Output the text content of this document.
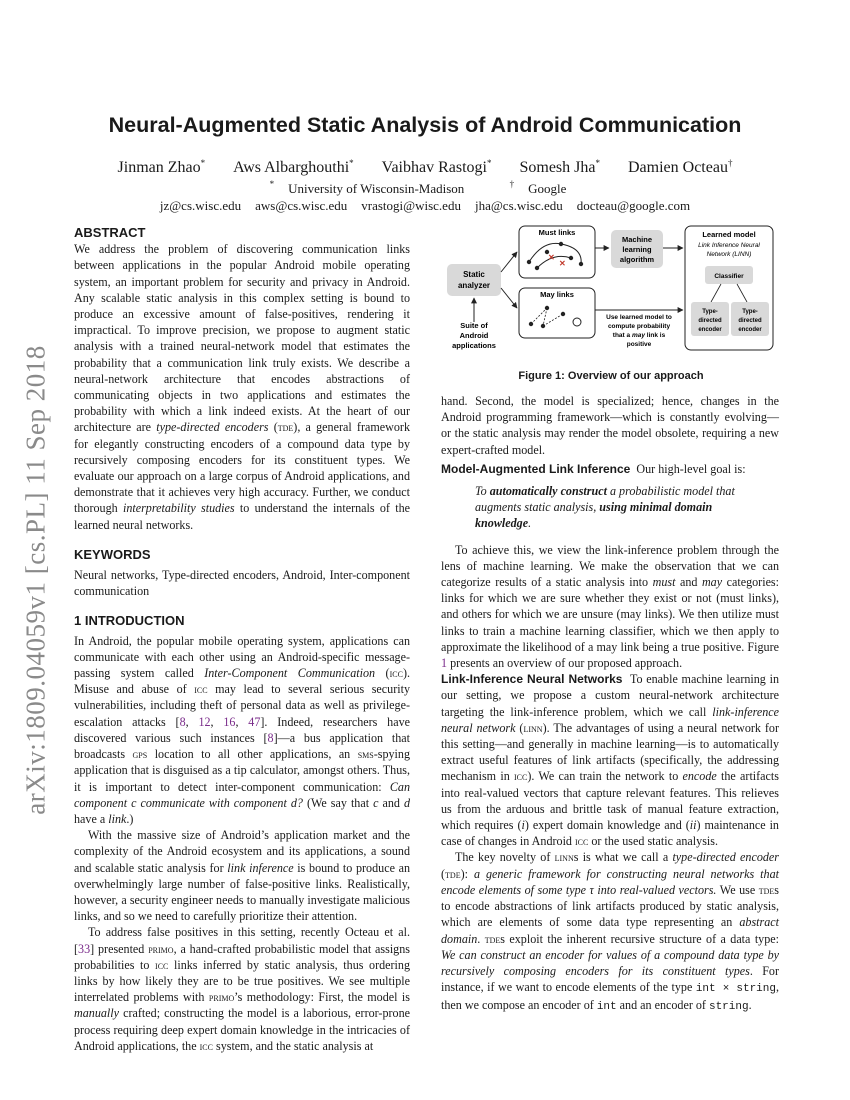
arXiv:1809.04059v1 [cs.PL] 11 Sep 2018
Neural-Augmented Static Analysis of Android Communication
Jinman Zhao* Aws Albarghouthi* Vaibhav Rastogi* Somesh Jha* Damien Octeau†
* University of Wisconsin-Madison	† Google
jz@cs.wisc.edu aws@cs.wisc.edu vrastogi@wisc.edu jha@cs.wisc.edu docteau@google.com
ABSTRACT

We address the problem of discovering communication links between applications in the popular Android mobile operating system, an important problem for security and privacy in Android. Any scalable static analysis in this complex setting is bound to produce an excessive amount of false-positives, rendering it impractical. To improve precision, we propose to augment static analysis with a trained neural-network model that estimates the probability that a communication link truly exists. We describe a neural-network architecture that encodes abstractions of communicating objects in two applications and estimates the probability with which a link indeed exists. At the heart of our architecture are type-directed encoders (tde), a general framework for elegantly constructing encoders of a compound data type by recursively composing encoders for its constituent types. We evaluate our approach on a large corpus of Android applications, and demonstrate that it achieves very high accuracy. Further, we conduct thorough interpretability studies to understand the internals of the learned neural networks.

KEYWORDS

Neural networks, Type-directed encoders, Android, Inter-component communication

1 INTRODUCTION

In Android, the popular mobile operating system, applications can communicate with each other using an Android-specific message-passing system called Inter-Component Communication (icc). Misuse and abuse of icc may lead to several serious security vulnerabilities, including theft of personal data as well as privilege-escalation attacks [8, 12, 16, 47]. Indeed, researchers have discovered various such instances [8]—a bus application that broadcasts gps location to all other applications, an sms-spying application that is disguised as a tip calculator, amongst others. Thus, it is important to detect inter-component communication: Can component c communicate with component d? (We say that c and d have a link.)

With the massive size of Android’s application market and the complexity of the Android ecosystem and its applications, a sound and scalable static analysis for link inference is bound to produce an overwhelmingly large number of false-positive links. Realistically, however, a security engineer needs to manually investigate malicious links, and so we need to carefully prioritize their attention.

To address false positives in this setting, recently Octeau et al. [33] presented primo, a hand-crafted probabilistic model that assigns probabilities to icc links inferred by static analysis, thus ordering links by how likely they are to be true positives. We see multiple interrelated problems with primo’s methodology: First, the model is manually crafted; constructing the model is a laborious, error-prone process requiring deep expert domain knowledge in the intricacies of Android applications, the icc system, and the static analysis at

Static
analyzer
Suite of
Android
applications
Must links
✕
✕
May links
Machine
learning
algorithm
Use learned model to
compute probability
that a may link is
positive
Learned model
Link Inference Neural
Network (LINN)
Classifier
Type-
directed
encoder
Type-
directed
encoder
Figure 1: Overview of our approach

hand. Second, the model is specialized; hence, changes in the Android programming framework—which is constantly evolving—or the static analysis may render the model obsolete, requiring a new expert-crafted model.

Model-Augmented Link Inference Our high-level goal is:

To automatically construct a probabilistic model that augments static analysis, using minimal domain knowledge.

To achieve this, we view the link-inference problem through the lens of machine learning. We make the observation that we can categorize results of a static analysis into must and may categories: links for which we are sure whether they exist or not (must links), and others for which we are unsure (may links). We then utilize must links to train a machine learning classifier, which we then apply to approximate the likelihood of a may link being a true positive. Figure 1 presents an overview of our proposed approach.

Link-Inference Neural Networks To enable machine learning in our setting, we propose a custom neural-network architecture targeting the link-inference problem, which we call link-inference neural network (linn). The advantages of using a neural network for this setting—and generally in machine learning—is to automatically extract useful features of link artifacts (specifically, the addressing mechanism in icc). We can train the network to encode the artifacts into real-valued vectors that capture relevant features. This relieves us from the arduous and brittle task of manual feature extraction, which requires (i) expert domain knowledge and (ii) maintenance in case of changes in Android icc or the used static analysis.

The key novelty of linns is what we call a type-directed encoder (tde): a generic framework for constructing neural networks that encode elements of some type τ into real-valued vectors. We use tdes to encode abstractions of link artifacts produced by static analysis, which are elements of some data type representing an abstract domain. tdes exploit the inherent recursive structure of a data type: We can construct an encoder for values of a compound data type by recursively composing encoders for its constituent types. For instance, if we want to encode elements of the type int × string, then we compose an encoder of int and an encoder of string.
